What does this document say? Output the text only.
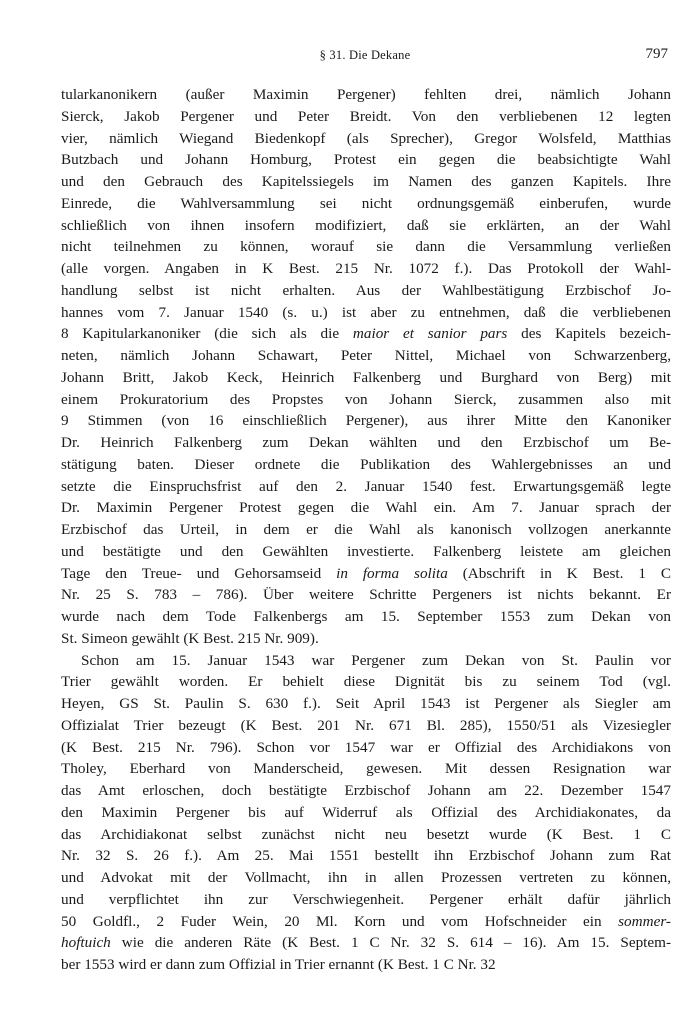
§ 31. Die Dekane	797
tularkanonikern (außer Maximin Pergener) fehlten drei, nämlich Johann
Sierck, Jakob Pergener und Peter Breidt. Von den verbliebenen 12 legten
vier, nämlich Wiegand Biedenkopf (als Sprecher), Gregor Wolsfeld, Matthias
Butzbach und Johann Homburg, Protest ein gegen die beabsichtigte Wahl
und den Gebrauch des Kapitelssiegels im Namen des ganzen Kapitels. Ihre
Einrede, die Wahlversammlung sei nicht ordnungsgemäß einberufen, wurde
schließlich von ihnen insofern modifiziert, daß sie erklärten, an der Wahl
nicht teilnehmen zu können, worauf sie dann die Versammlung verließen
(alle vorgen. Angaben in K Best. 215 Nr. 1072 f.). Das Protokoll der Wahl-
handlung selbst ist nicht erhalten. Aus der Wahlbestätigung Erzbischof Jo-
hannes vom 7. Januar 1540 (s. u.) ist aber zu entnehmen, daß die verbliebenen
8 Kapitularkanoniker (die sich als die maior et sanior pars des Kapitels bezeich-
neten, nämlich Johann Schawart, Peter Nittel, Michael von Schwarzenberg,
Johann Britt, Jakob Keck, Heinrich Falkenberg und Burghard von Berg) mit
einem Prokuratorium des Propstes von Johann Sierck, zusammen also mit
9 Stimmen (von 16 einschließlich Pergener), aus ihrer Mitte den Kanoniker
Dr. Heinrich Falkenberg zum Dekan wählten und den Erzbischof um Be-
stätigung baten. Dieser ordnete die Publikation des Wahlergebnisses an und
setzte die Einspruchsfrist auf den 2. Januar 1540 fest. Erwartungsgemäß legte
Dr. Maximin Pergener Protest gegen die Wahl ein. Am 7. Januar sprach der
Erzbischof das Urteil, in dem er die Wahl als kanonisch vollzogen anerkannte
und bestätigte und den Gewählten investierte. Falkenberg leistete am gleichen
Tage den Treue- und Gehorsamseid in forma solita (Abschrift in K Best. 1 C
Nr. 25 S. 783 – 786). Über weitere Schritte Pergeners ist nichts bekannt. Er
wurde nach dem Tode Falkenbergs am 15. September 1553 zum Dekan von
St. Simeon gewählt (K Best. 215 Nr. 909).
Schon am 15. Januar 1543 war Pergener zum Dekan von St. Paulin vor
Trier gewählt worden. Er behielt diese Dignität bis zu seinem Tod (vgl.
Heyen, GS St. Paulin S. 630 f.). Seit April 1543 ist Pergener als Siegler am
Offizialat Trier bezeugt (K Best. 201 Nr. 671 Bl. 285), 1550/51 als Vizesiegler
(K Best. 215 Nr. 796). Schon vor 1547 war er Offizial des Archidiakons von
Tholey, Eberhard von Manderscheid, gewesen. Mit dessen Resignation war
das Amt erloschen, doch bestätigte Erzbischof Johann am 22. Dezember 1547
den Maximin Pergener bis auf Widerruf als Offizial des Archidiakonates, da
das Archidiakonat selbst zunächst nicht neu besetzt wurde (K Best. 1 C
Nr. 32 S. 26 f.). Am 25. Mai 1551 bestellt ihn Erzbischof Johann zum Rat
und Advokat mit der Vollmacht, ihn in allen Prozessen vertreten zu können,
und verpflichtet ihn zur Verschwiegenheit. Pergener erhält dafür jährlich
50 Goldfl., 2 Fuder Wein, 20 Ml. Korn und vom Hofschneider ein sommer-
hoftuich wie die anderen Räte (K Best. 1 C Nr. 32 S. 614 – 16). Am 15. Septem-
ber 1553 wird er dann zum Offizial in Trier ernannt (K Best. 1 C Nr. 32
